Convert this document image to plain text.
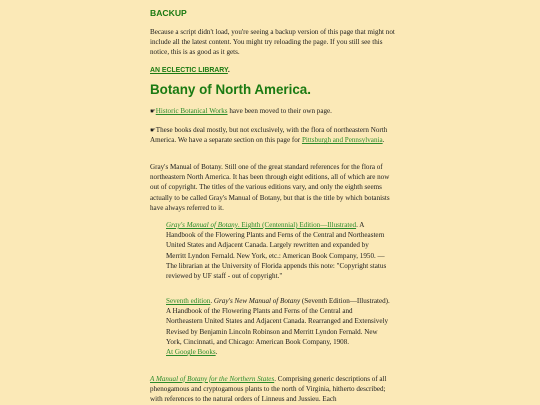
BACKUP

Because a script didn't load, you're seeing a backup version of this page that might not include all the latest content. You might try reloading the page. If you still see this notice, this is as good as it gets.

AN ECLECTIC LIBRARY.

Botany of North America.

☛Historic Botanical Works have been moved to their own page.

☛These books deal mostly, but not exclusively, with the flora of northeastern North America. We have a separate section on this page for Pittsburgh and Pennsylvania.

Gray's Manual of Botany. Still one of the great standard references for the flora of northeastern North America. It has been through eight editions, all of which are now out of copyright. The titles of the various editions vary, and only the eighth seems actually to be called Gray's Manual of Botany, but that is the title by which botanists have always referred to it.

Gray's Manual of Botany. Eighth (Centennial) Edition—Illustrated. A Handbook of the Flowering Plants and Ferns of the Central and Northeastern United States and Adjacent Canada. Largely rewritten and expanded by Merritt Lyndon Fernald. New York, etc.: American Book Company, 1950. —The librarian at the University of Florida appends this note: "Copyright status reviewed by UF staff - out of copyright."

Seventh edition. Gray's New Manual of Botany (Seventh Edition—Illustrated). A Handbook of the Flowering Plants and Ferns of the Central and Northeastern United States and Adjacent Canada. Rearranged and Extensively Revised by Benjamin Lincoln Robinson and Merritt Lyndon Fernald. New York, Cincinnati, and Chicago: American Book Company, 1908.
At Google Books.

A Manual of Botany for the Northern States. Comprising generic descriptions of all phenogamous and cryptogamous plants to the north of Virginia, hitherto described; with references to the natural orders of Linneus and Jussieu. Each
